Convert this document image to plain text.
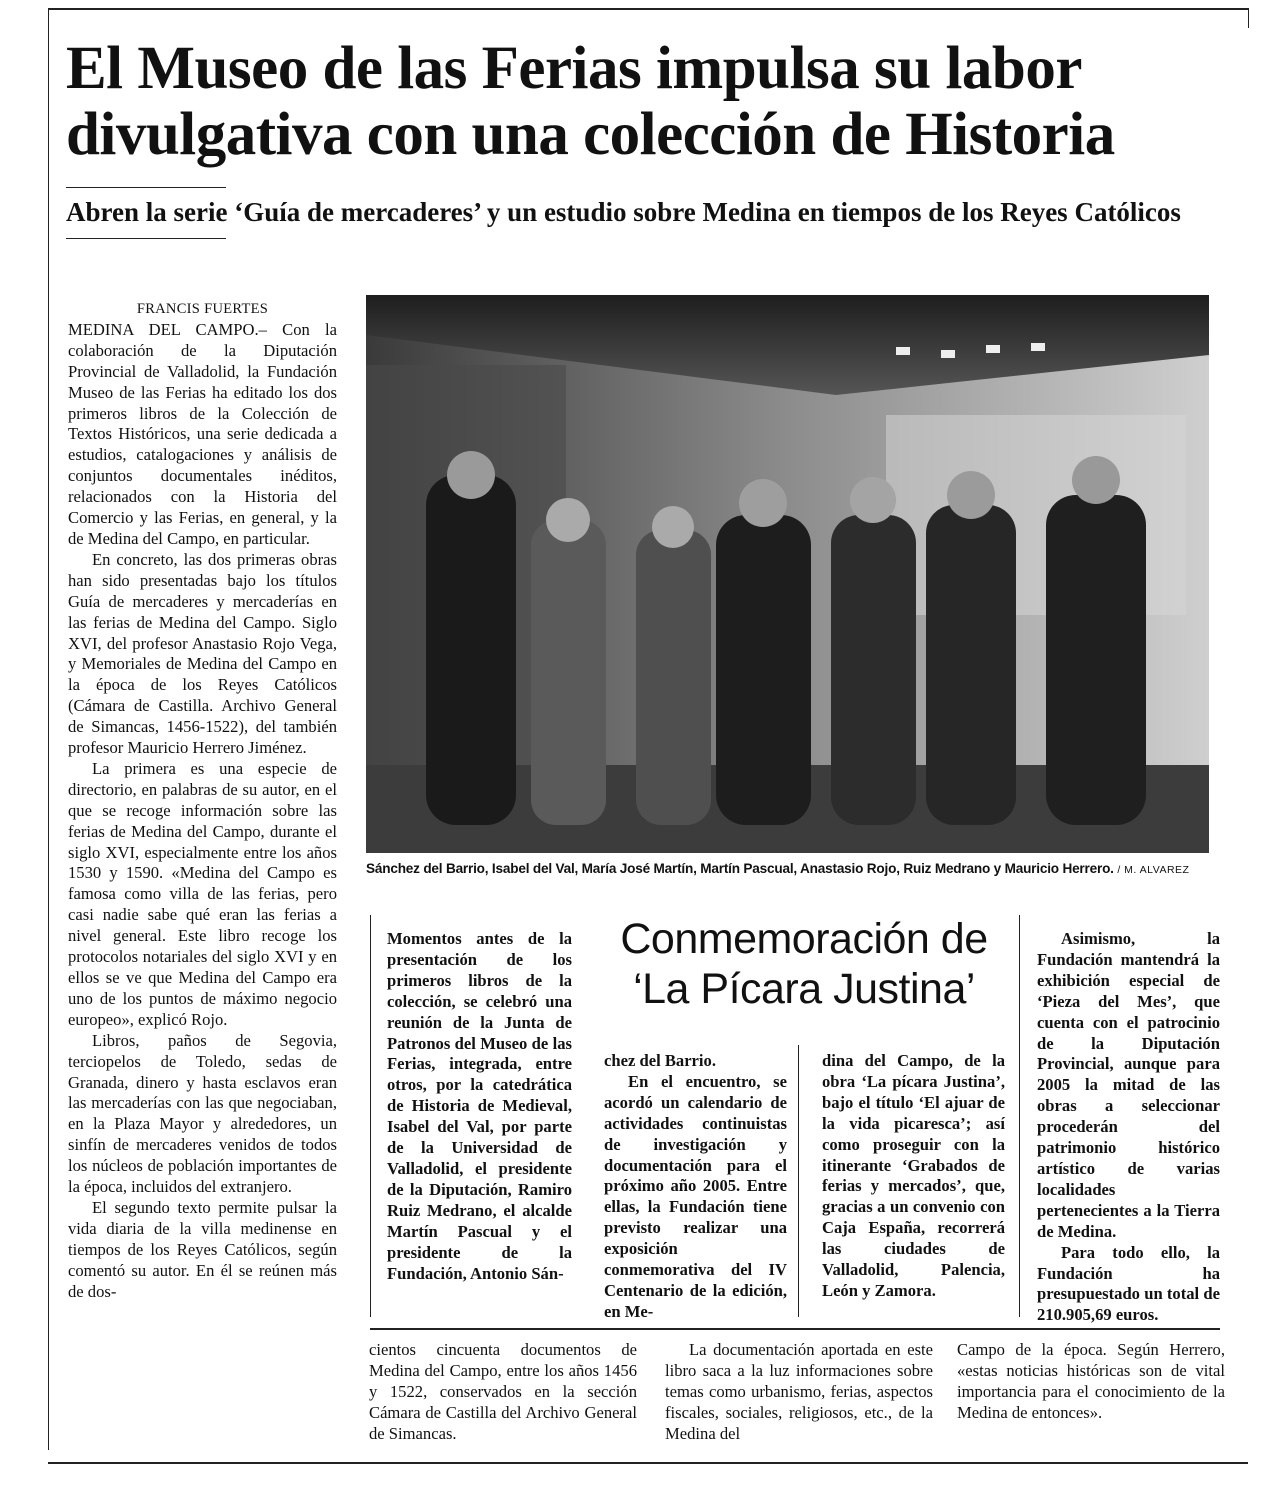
El Museo de las Ferias impulsa su labor divulgativa con una colección de Historia
Abren la serie ‘Guía de mercaderes’ y un estudio sobre Medina en tiempos de los Reyes Católicos

FRANCIS FUERTES

MEDINA DEL CAMPO.– Con la colaboración de la Diputación Provincial de Valladolid, la Fundación Museo de las Ferias ha editado los dos primeros libros de la Colección de Textos Históricos, una serie dedicada a estudios, catalogaciones y análisis de conjuntos documentales inéditos, relacionados con la Historia del Comercio y las Ferias, en general, y la de Medina del Campo, en particular.

En concreto, las dos primeras obras han sido presentadas bajo los títulos Guía de mercaderes y mercaderías en las ferias de Medina del Campo. Siglo XVI, del profesor Anastasio Rojo Vega, y Memoriales de Medina del Campo en la época de los Reyes Católicos (Cámara de Castilla. Archivo General de Simancas, 1456-1522), del también profesor Mauricio Herrero Jiménez.

La primera es una especie de directorio, en palabras de su autor, en el que se recoge información sobre las ferias de Medina del Campo, durante el siglo XVI, especialmente entre los años 1530 y 1590. «Medina del Campo es famosa como villa de las ferias, pero casi nadie sabe qué eran las ferias a nivel general. Este libro recoge los protocolos notariales del siglo XVI y en ellos se ve que Medina del Campo era uno de los puntos de máximo negocio europeo», explicó Rojo.

Libros, paños de Segovia, terciopelos de Toledo, sedas de Granada, dinero y hasta esclavos eran las mercaderías con las que negociaban, en la Plaza Mayor y alrededores, un sinfín de mercaderes venidos de todos los núcleos de población importantes de la época, incluidos del extranjero.

El segundo texto permite pulsar la vida diaria de la villa medinense en tiempos de los Reyes Católicos, según comentó su autor. En él se reúnen más de dos-

Sánchez del Barrio, Isabel del Val, María José Martín, Martín Pascual, Anastasio Rojo, Ruiz Medrano y Mauricio Herrero. / M. ALVAREZ

Momentos antes de la presentación de los primeros libros de la colección, se celebró una reunión de la Junta de Patronos del Museo de las Ferias, integrada, entre otros, por la catedrática de Historia de Medieval, Isabel del Val, por parte de la Universidad de Valladolid, el presidente de la Diputación, Ramiro Ruiz Medrano, el alcalde Martín Pascual y el presidente de la Fundación, Antonio Sán-

Conmemoración de ‘La Pícara Justina’

chez del Barrio.

En el encuentro, se acordó un calendario de actividades continuistas de investigación y documentación para el próximo año 2005. Entre ellas, la Fundación tiene previsto realizar una exposición conmemorativa del IV Centenario de la edición, en Me-

dina del Campo, de la obra ‘La pícara Justina’, bajo el título ‘El ajuar de la vida picaresca’; así como proseguir con la itinerante ‘Grabados de ferias y mercados’, que, gracias a un convenio con Caja España, recorrerá las ciudades de Valladolid, Palencia, León y Zamora.

Asimismo, la Fundación mantendrá la exhibición especial de ‘Pieza del Mes’, que cuenta con el patrocinio de la Diputación Provincial, aunque para 2005 la mitad de las obras a seleccionar procederán del patrimonio histórico artístico de varias localidades pertenecientes a la Tierra de Medina.

Para todo ello, la Fundación ha presupuestado un total de 210.905,69 euros.

cientos cincuenta documentos de Medina del Campo, entre los años 1456 y 1522, conservados en la sección Cámara de Castilla del Archivo General de Simancas.

La documentación aportada en este libro saca a la luz informaciones sobre temas como urbanismo, ferias, aspectos fiscales, sociales, religiosos, etc., de la Medina del

Campo de la época. Según Herrero, «estas noticias históricas son de vital importancia para el conocimiento de la Medina de entonces».
